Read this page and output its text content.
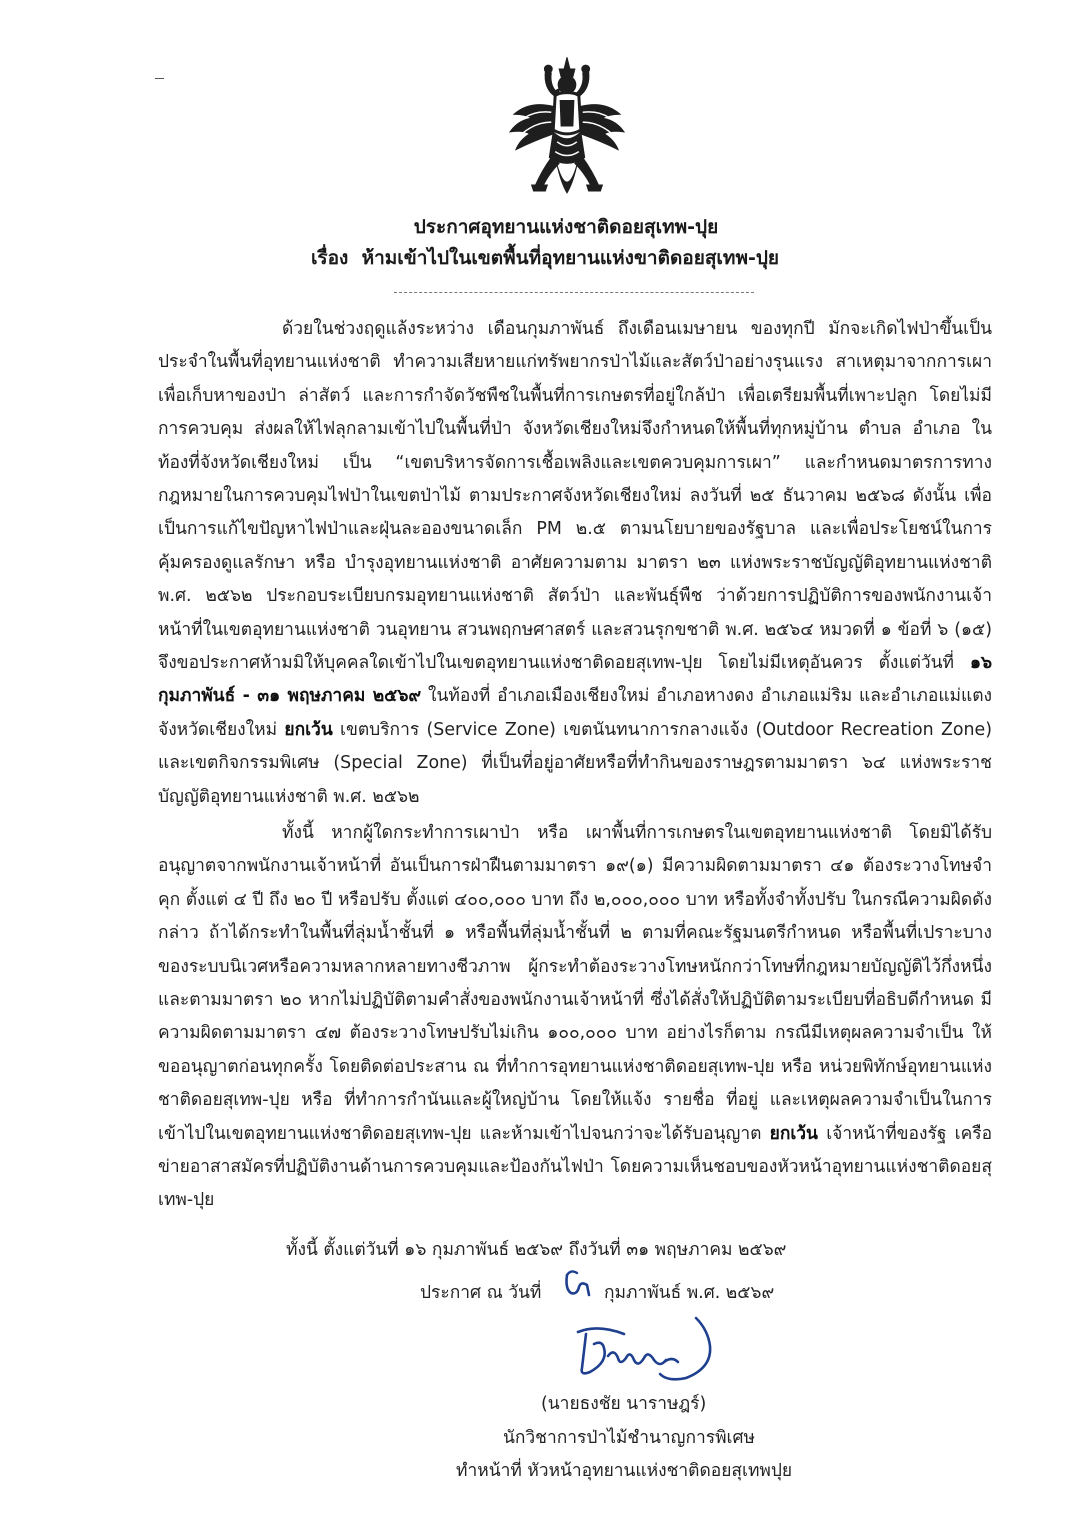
ประกาศอุทยานแห่งชาติดอยสุเทพ-ปุย
เรื่อง ห้ามเข้าไปในเขตพื้นที่อุทยานแห่งขาติดอยสุเทพ-ปุย

ด้วยในช่วงฤดูแล้งระหว่าง เดือนกุมภาพันธ์ ถึงเดือนเมษายน ของทุกปี มักจะเกิดไฟป่าขึ้นเป็นประจำในพื้นที่อุทยานแห่งชาติ ทำความเสียหายแก่ทรัพยากรป่าไม้และสัตว์ป่าอย่างรุนแรง สาเหตุมาจากการเผาเพื่อเก็บหาของป่า ล่าสัตว์ และการกำจัดวัชพืชในพื้นที่การเกษตรที่อยู่ใกล้ป่า เพื่อเตรียมพื้นที่เพาะปลูก โดยไม่มีการควบคุม ส่งผลให้ไฟลุกลามเข้าไปในพื้นที่ป่า จังหวัดเชียงใหม่จึงกำหนดให้พื้นที่ทุกหมู่บ้าน ตำบล อำเภอ ในท้องที่จังหวัดเชียงใหม่ เป็น “เขตบริหารจัดการเชื้อเพลิงและเขตควบคุมการเผา” และกำหนดมาตรการทางกฎหมายในการควบคุมไฟป่าในเขตป่าไม้ ตามประกาศจังหวัดเชียงใหม่ ลงวันที่ ๒๕ ธันวาคม ๒๕๖๘ ดังนั้น เพื่อเป็นการแก้ไขปัญหาไฟป่าและฝุ่นละอองขนาดเล็ก PM ๒.๕ ตามนโยบายของรัฐบาล และเพื่อประโยชน์ในการคุ้มครองดูแลรักษา หรือ บำรุงอุทยานแห่งชาติ อาศัยความตาม มาตรา ๒๓ แห่งพระราชบัญญัติอุทยานแห่งชาติ พ.ศ. ๒๕๖๒ ประกอบระเบียบกรมอุทยานแห่งชาติ สัตว์ป่า และพันธุ์พืช ว่าด้วยการปฏิบัติการของพนักงานเจ้าหน้าที่ในเขตอุทยานแห่งชาติ วนอุทยาน สวนพฤกษศาสตร์ และสวนรุกขชาติ พ.ศ. ๒๕๖๔ หมวดที่ ๑ ข้อที่ ๖ (๑๕) จึงขอประกาศห้ามมิให้บุคคลใดเข้าไปในเขตอุทยานแห่งชาติดอยสุเทพ-ปุย โดยไม่มีเหตุอันควร ตั้งแต่วันที่ ๑๖ กุมภาพันธ์ - ๓๑ พฤษภาคม ๒๕๖๙ ในท้องที่ อำเภอเมืองเชียงใหม่ อำเภอหางดง อำเภอแม่ริม และอำเภอแม่แตง จังหวัดเชียงใหม่ ยกเว้น เขตบริการ (Service Zone) เขตนันทนาการกลางแจ้ง (Outdoor Recreation Zone) และเขตกิจกรรมพิเศษ (Special Zone) ที่เป็นที่อยู่อาศัยหรือที่ทำกินของราษฎรตามมาตรา ๖๔ แห่งพระราชบัญญัติอุทยานแห่งชาติ พ.ศ. ๒๕๖๒

ทั้งนี้ หากผู้ใดกระทำการเผาป่า หรือ เผาพื้นที่การเกษตรในเขตอุทยานแห่งชาติ โดยมิได้รับอนุญาตจากพนักงานเจ้าหน้าที่ อันเป็นการฝ่าฝืนตามมาตรา ๑๙(๑) มีความผิดตามมาตรา ๔๑ ต้องระวางโทษจำคุก ตั้งแต่ ๔ ปี ถึง ๒๐ ปี หรือปรับ ตั้งแต่ ๔๐๐,๐๐๐ บาท ถึง ๒,๐๐๐,๐๐๐ บาท หรือทั้งจำทั้งปรับ ในกรณีความผิดดังกล่าว ถ้าได้กระทำในพื้นที่ลุ่มน้ำชั้นที่ ๑ หรือพื้นที่ลุ่มน้ำชั้นที่ ๒ ตามที่คณะรัฐมนตรีกำหนด หรือพื้นที่เปราะบางของระบบนิเวศหรือความหลากหลายทางชีวภาพ ผู้กระทำต้องระวางโทษหนักกว่าโทษที่กฎหมายบัญญัติไว้กึ่งหนึ่ง และตามมาตรา ๒๐ หากไม่ปฏิบัติตามคำสั่งของพนักงานเจ้าหน้าที่ ซึ่งได้สั่งให้ปฏิบัติตามระเบียบที่อธิบดีกำหนด มีความผิดตามมาตรา ๔๗ ต้องระวางโทษปรับไม่เกิน ๑๐๐,๐๐๐ บาท อย่างไรก็ตาม กรณีมีเหตุผลความจำเป็น ให้ขออนุญาตก่อนทุกครั้ง โดยติดต่อประสาน ณ ที่ทำการอุทยานแห่งชาติดอยสุเทพ-ปุย หรือ หน่วยพิทักษ์อุทยานแห่งชาติดอยสุเทพ-ปุย หรือ ที่ทำการกำนันและผู้ใหญ่บ้าน โดยให้แจ้ง รายชื่อ ที่อยู่ และเหตุผลความจำเป็นในการเข้าไปในเขตอุทยานแห่งชาติดอยสุเทพ-ปุย และห้ามเข้าไปจนกว่าจะได้รับอนุญาต ยกเว้น เจ้าหน้าที่ของรัฐ เครือข่ายอาสาสมัครที่ปฏิบัติงานด้านการควบคุมและป้องกันไฟป่า โดยความเห็นชอบของหัวหน้าอุทยานแห่งชาติดอยสุเทพ-ปุย

ทั้งนี้ ตั้งแต่วันที่ ๑๖ กุมภาพันธ์ ๒๕๖๙ ถึงวันที่ ๓๑ พฤษภาคม ๒๕๖๙
ประกาศ ณ วันที่	กุมภาพันธ์ พ.ศ. ๒๕๖๙
(นายธงชัย นาราษฎร์)
นักวิชาการป่าไม้ชำนาญการพิเศษ
ทำหน้าที่ หัวหน้าอุทยานแห่งชาติดอยสุเทพปุย
